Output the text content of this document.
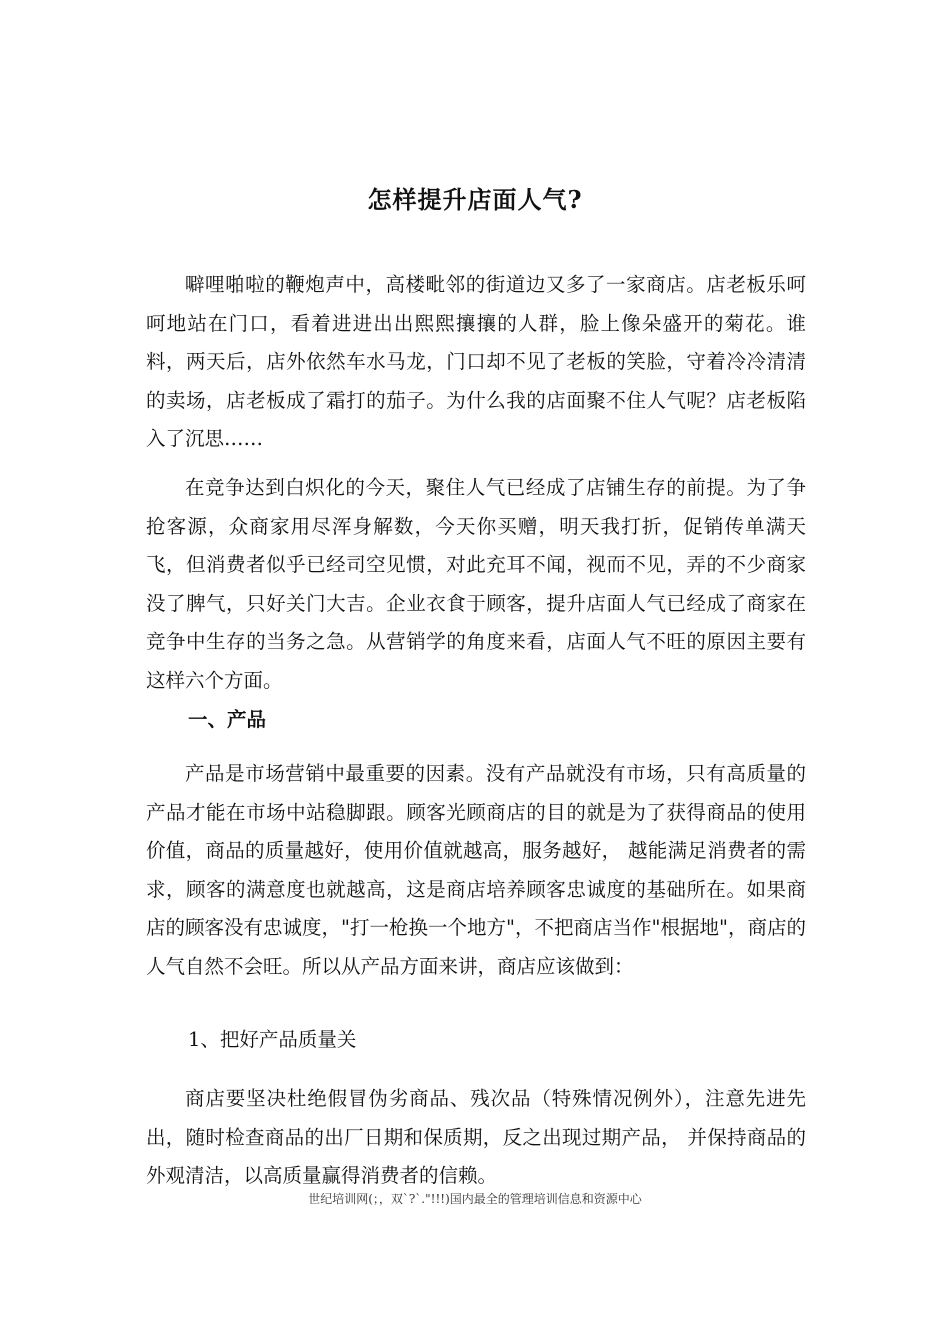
怎样提升店面人气?

噼哩啪啦的鞭炮声中，高楼毗邻的街道边又多了一家商店。店老板乐呵呵地站在门口，看着进进出出熙熙攘攘的人群，脸上像朵盛开的菊花。谁料，两天后，店外依然车水马龙，门口却不见了老板的笑脸，守着冷冷清清的卖场，店老板成了霜打的茄子。为什么我的店面聚不住人气呢？店老板陷入了沉思……

在竞争达到白炽化的今天，聚住人气已经成了店铺生存的前提。为了争抢客源，众商家用尽浑身解数，今天你买赠，明天我打折，促销传单满天飞，但消费者似乎已经司空见惯，对此充耳不闻，视而不见，弄的不少商家没了脾气，只好关门大吉。企业衣食于顾客，提升店面人气已经成了商家在竞争中生存的当务之急。从营销学的角度来看，店面人气不旺的原因主要有这样六个方面。

一、产品

产品是市场营销中最重要的因素。没有产品就没有市场，只有高质量的产品才能在市场中站稳脚跟。顾客光顾商店的目的就是为了获得商品的使用价值，商品的质量越好，使用价值就越高，服务越好， 越能满足消费者的需求，顾客的满意度也就越高，这是商店培养顾客忠诚度的基础所在。如果商店的顾客没有忠诚度，"打一枪换一个地方"，不把商店当作"根据地"，商店的人气自然不会旺。所以从产品方面来讲，商店应该做到：

1、把好产品质量关

商店要坚决杜绝假冒伪劣商品、残次品（特殊情况例外），注意先进先出，随时检查商品的出厂日期和保质期，反之出现过期产品， 并保持商品的外观清洁，以高质量赢得消费者的信赖。

世纪培训网(；，双`?`."!!!)国内最全的管理培训信息和资源中心
